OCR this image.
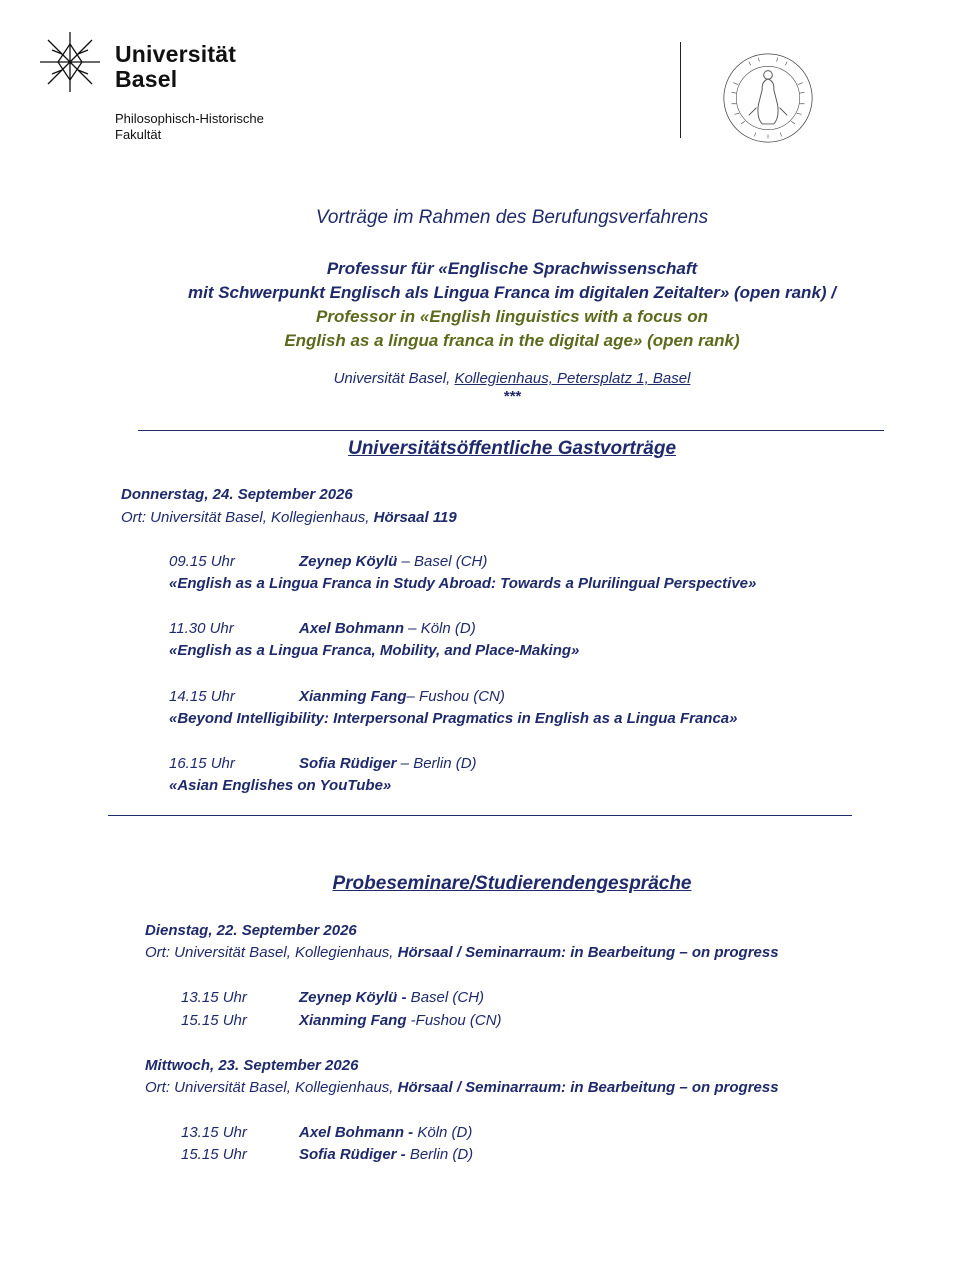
Universität
Basel
Philosophisch-Historische
Fakultät
Vorträge im Rahmen des Berufungsverfahrens
Professur für «Englische Sprachwissenschaft
mit Schwerpunkt Englisch als Lingua Franca im digitalen Zeitalter» (open rank) /
Professor in «English linguistics with a focus on
English as a lingua franca in the digital age» (open rank)
Universität Basel, Kollegienhaus, Petersplatz 1, Basel
***
Universitätsöffentliche Gastvorträge
Donnerstag, 24. September 2026
Ort: Universität Basel, Kollegienhaus, Hörsaal 119
09.15 Uhr	Zeynep Köylü – Basel (CH)
«English as a Lingua Franca in Study Abroad: Towards a Plurilingual Perspective»
11.30 Uhr	Axel Bohmann – Köln (D)
«English as a Lingua Franca, Mobility, and Place-Making»
14.15 Uhr	Xianming Fang– Fushou (CN)
«Beyond Intelligibility: Interpersonal Pragmatics in English as a Lingua Franca»
16.15 Uhr	Sofia Rüdiger – Berlin (D)
«Asian Englishes on YouTube»
Probeseminare/Studierendengespräche
Dienstag, 22. September 2026
Ort: Universität Basel, Kollegienhaus, Hörsaal / Seminarraum: in Bearbeitung – on progress
13.15 Uhr	Zeynep Köylü - Basel (CH)
15.15 Uhr	Xianming Fang -Fushou (CN)
Mittwoch, 23. September 2026
Ort: Universität Basel, Kollegienhaus, Hörsaal / Seminarraum: in Bearbeitung – on progress
13.15 Uhr	Axel Bohmann - Köln (D)
15.15 Uhr	Sofia Rüdiger - Berlin (D)
